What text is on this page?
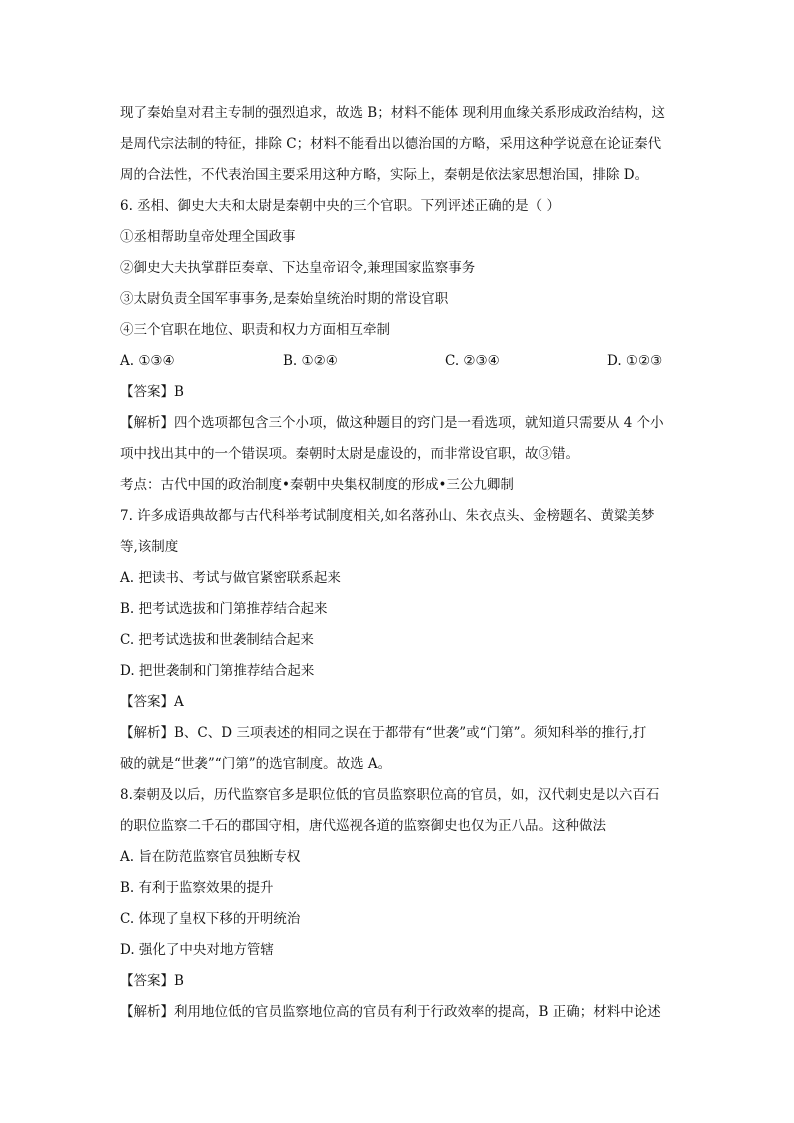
现了秦始皇对君主专制的强烈追求，故选 B；材料不能体 现利用血缘关系形成政治结构，这
是周代宗法制的特征，排除 C；材料不能看出以德治国的方略，采用这种学说意在论证秦代
周的合法性，不代表治国主要采用这种方略，实际上，秦朝是依法家思想治国，排除 D。
6. 丞相、御史大夫和太尉是秦朝中央的三个官职。下列评述正确的是（ ）
①丞相帮助皇帝处理全国政事
②御史大夫执掌群臣奏章、下达皇帝诏令,兼理国家监察事务
③太尉负责全国军事事务,是秦始皇统治时期的常设官职
④三个官职在地位、职责和权力方面相互牵制
A. ①③④	B. ①②④	C. ②③④	D. ①②③
【答案】B
【解析】四个选项都包含三个小项，做这种题目的窍门是一看选项，就知道只需要从 4 个小
项中找出其中的一个错误项。秦朝时太尉是虚设的，而非常设官职，故③错。
考点：古代中国的政治制度•秦朝中央集权制度的形成•三公九卿制
7. 许多成语典故都与古代科举考试制度相关,如名落孙山、朱衣点头、金榜题名、黄粱美梦
等,该制度
A. 把读书、考试与做官紧密联系起来
B. 把考试选拔和门第推荐结合起来
C. 把考试选拔和世袭制结合起来
D. 把世袭制和门第推荐结合起来
【答案】A
【解析】B、C、D 三项表述的相同之误在于都带有“世袭”或“门第”。须知科举的推行,打
破的就是“世袭”“门第”的选官制度。故选 A。
8.秦朝及以后，历代监察官多是职位低的官员监察职位高的官员，如，汉代刺史是以六百石
的职位监察二千石的郡国守相，唐代巡视各道的监察御史也仅为正八品。这种做法
A. 旨在防范监察官员独断专权
B. 有利于监察效果的提升
C. 体现了皇权下移的开明统治
D. 强化了中央对地方管辖
【答案】B
【解析】利用地位低的官员监察地位高的官员有利于行政效率的提高，B 正确；材料中论述
